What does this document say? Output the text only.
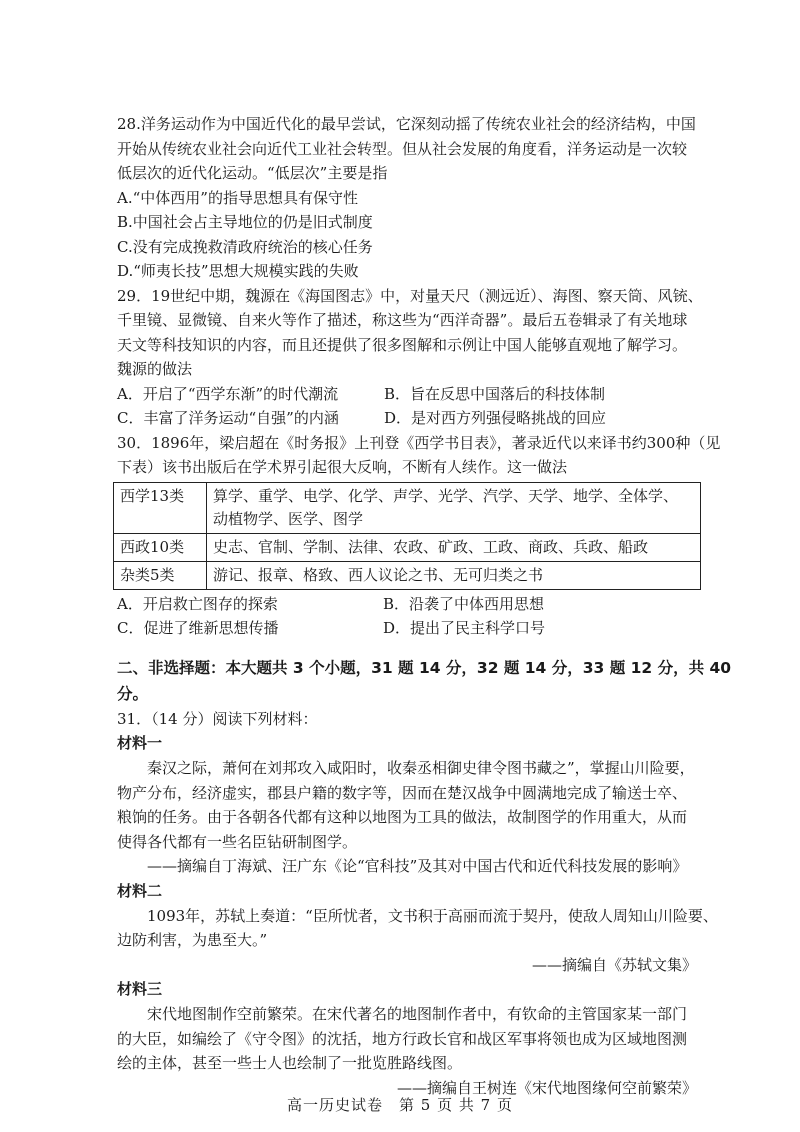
28.洋务运动作为中国近代化的最早尝试，它深刻动摇了传统农业社会的经济结构，中国
开始从传统农业社会向近代工业社会转型。但从社会发展的角度看，洋务运动是一次较
低层次的近代化运动。“低层次”主要是指
A.“中体西用”的指导思想具有保守性
B.中国社会占主导地位的仍是旧式制度
C.没有完成挽救清政府统治的核心任务
D.“师夷长技”思想大规模实践的失败
29．19世纪中期，魏源在《海国图志》中，对量天尺（测远近）、海图、察天筒、风铳、
千里镜、显微镜、自来火等作了描述，称这些为“西洋奇器”。最后五卷辑录了有关地球
天文等科技知识的内容，而且还提供了很多图解和示例让中国人能够直观地了解学习。
魏源的做法
A．开启了“西学东渐”的时代潮流	B．旨在反思中国落后的科技体制
C．丰富了洋务运动“自强”的内涵	D．是对西方列强侵略挑战的回应
30．1896年，梁启超在《时务报》上刊登《西学书目表》，著录近代以来译书约300种（见
下表）该书出版后在学术界引起很大反响，不断有人续作。这一做法
西学13类	算学、重学、电学、化学、声学、光学、汽学、天学、地学、全体学、
动植物学、医学、图学

西政10类	史志、官制、学制、法律、农政、矿政、工政、商政、兵政、船政
杂类5类	游记、报章、格致、西人议论之书、无可归类之书
A．开启救亡图存的探索	B．沿袭了中体西用思想
C．促进了维新思想传播	D．提出了民主科学口号
二、非选择题：本大题共 3 个小题，31 题 14 分，32 题 14 分，33 题 12 分，共 40
分。
31．（14 分）阅读下列材料：
材料一
秦汉之际，萧何在刘邦攻入咸阳时，收秦丞相御史律令图书藏之”，掌握山川险要，
物产分布，经济虚实，郡县户籍的数字等，因而在楚汉战争中圆满地完成了输送士卒、
粮饷的任务。由于各朝各代都有这种以地图为工具的做法，故制图学的作用重大，从而
使得各代都有一些名臣钻研制图学。
——摘编自丁海斌、汪广东《论“官科技”及其对中国古代和近代科技发展的影响》
材料二
1093年，苏轼上奏道：“臣所忧者，文书积于高丽而流于契丹，使敌人周知山川险要、
边防利害，为患至大。”
——摘编自《苏轼文集》
材料三
宋代地图制作空前繁荣。在宋代著名的地图制作者中，有钦命的主管国家某一部门
的大臣，如编绘了《守令图》的沈括，地方行政长官和战区军事将领也成为区域地图测
绘的主体，甚至一些士人也绘制了一批览胜路线图。
——摘编自王树连《宋代地图缘何空前繁荣》
高一历史试卷　第 5 页 共 7 页
